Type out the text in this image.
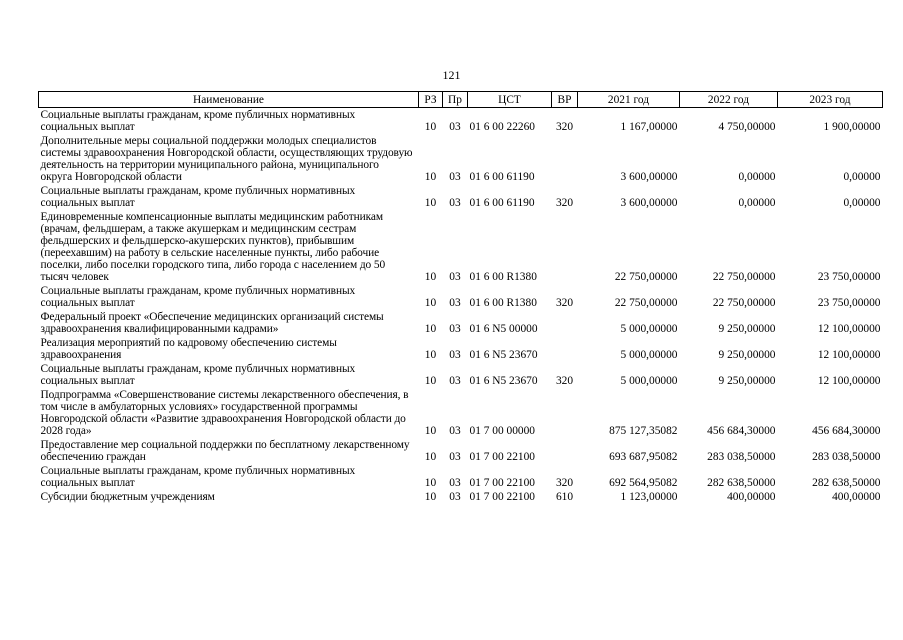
121
Наименование	РЗ	Пр	ЦСТ	ВР	2021 год	2022 год	2023 год
Социальные выплаты гражданам, кроме публичных нормативных социальных выплат	10	03	01 6 00 22260	320	1 167,00000	4 750,00000	1 900,00000
Дополнительные меры социальной поддержки молодых специалистов системы здравоохранения Новгородской области, осуществляющих трудовую деятельность на территории муниципального района, муниципального округа Новгородской области	10	03	01 6 00 61190		3 600,00000	0,00000	0,00000
Социальные выплаты гражданам, кроме публичных нормативных социальных выплат	10	03	01 6 00 61190	320	3 600,00000	0,00000	0,00000
Единовременные компенсационные выплаты медицинским работникам (врачам, фельдшерам, а также акушеркам и медицинским сестрам фельдшерских и фельдшерско-акушерских пунктов), прибывшим (переехавшим) на работу в сельские населенные пункты, либо рабочие поселки, либо поселки городского типа, либо города с населением до 50 тысяч человек	10	03	01 6 00 R1380		22 750,00000	22 750,00000	23 750,00000
Социальные выплаты гражданам, кроме публичных нормативных социальных выплат	10	03	01 6 00 R1380	320	22 750,00000	22 750,00000	23 750,00000
Федеральный проект «Обеспечение медицинских организаций системы здравоохранения квалифицированными кадрами»	10	03	01 6 N5 00000		5 000,00000	9 250,00000	12 100,00000
Реализация мероприятий по кадровому обеспечению системы здравоохранения	10	03	01 6 N5 23670		5 000,00000	9 250,00000	12 100,00000
Социальные выплаты гражданам, кроме публичных нормативных социальных выплат	10	03	01 6 N5 23670	320	5 000,00000	9 250,00000	12 100,00000
Подпрограмма «Совершенствование системы лекарственного обеспечения, в том числе в амбулаторных условиях» государственной программы Новгородской области «Развитие здравоохранения Новгородской области до 2028 года»	10	03	01 7 00 00000		875 127,35082	456 684,30000	456 684,30000
Предоставление мер социальной поддержки по бесплатному лекарственному обеспечению граждан	10	03	01 7 00 22100		693 687,95082	283 038,50000	283 038,50000
Социальные выплаты гражданам, кроме публичных нормативных социальных выплат	10	03	01 7 00 22100	320	692 564,95082	282 638,50000	282 638,50000
Субсидии бюджетным учреждениям	10	03	01 7 00 22100	610	1 123,00000	400,00000	400,00000
